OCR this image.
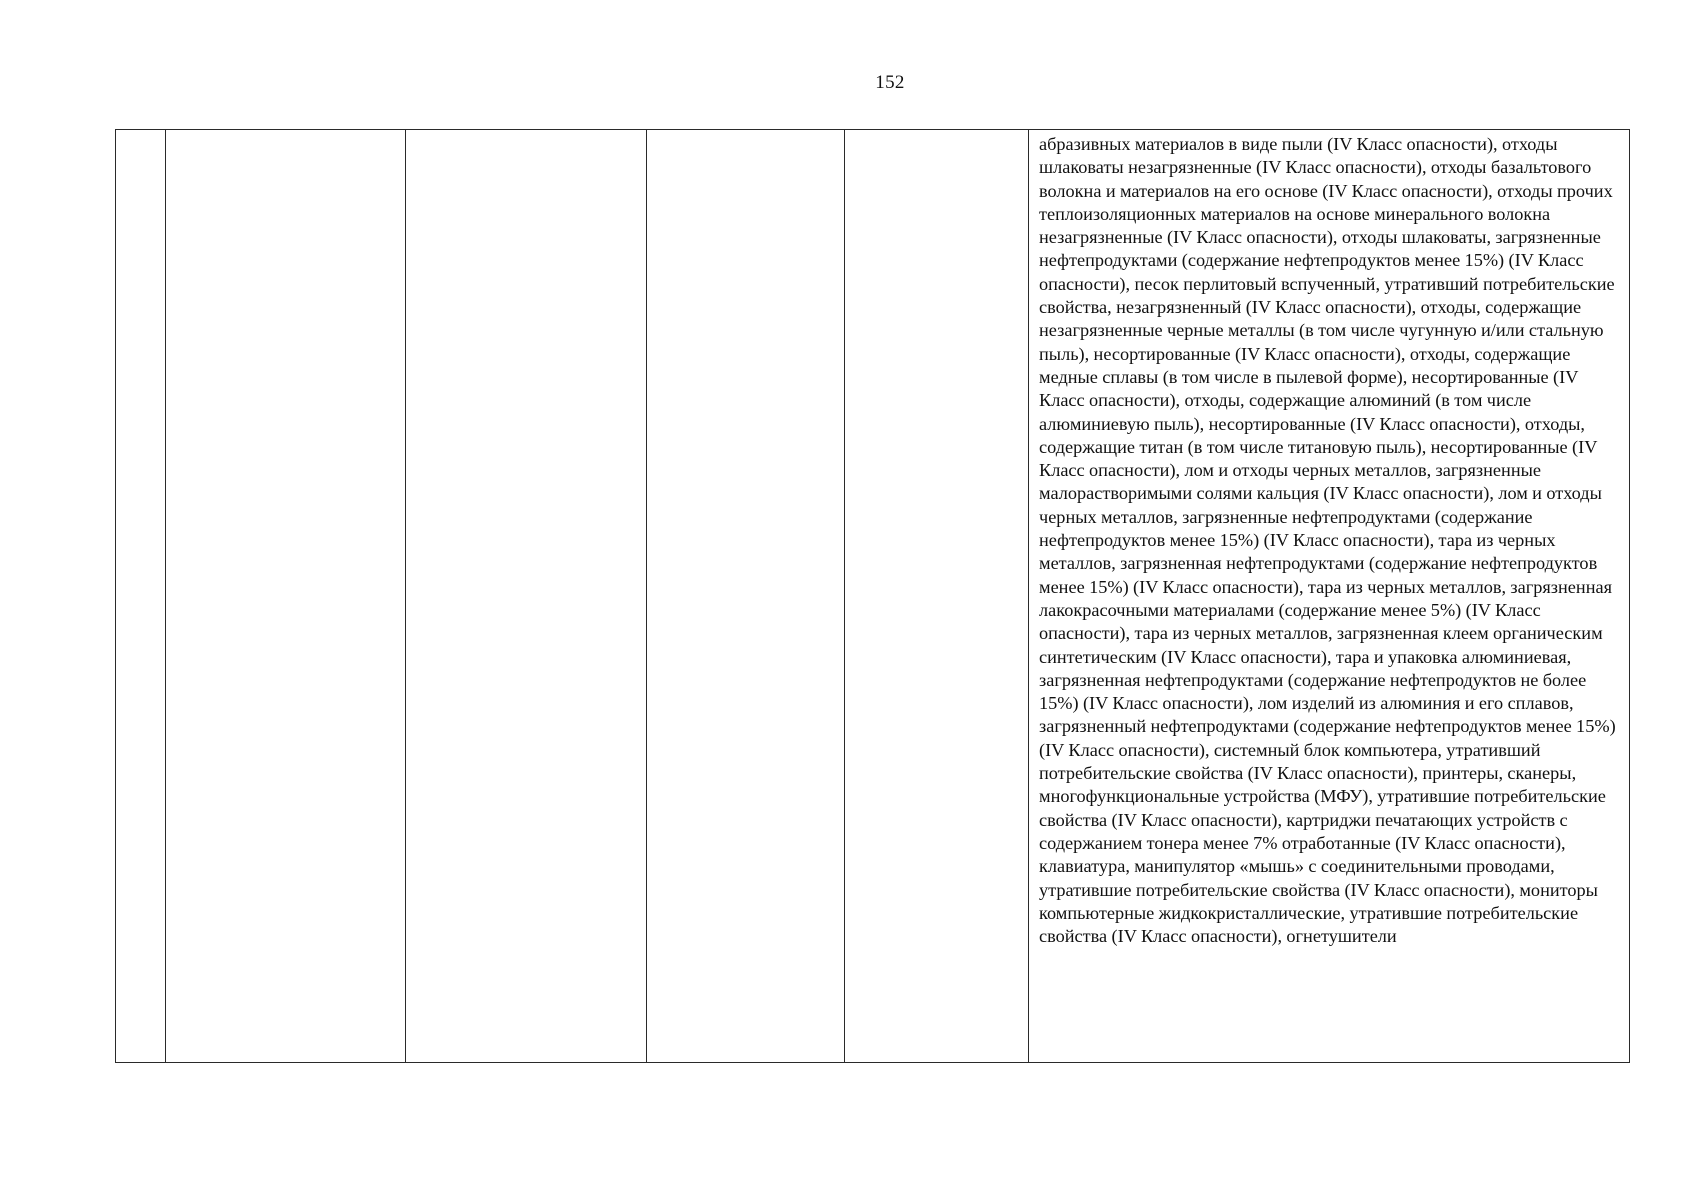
152

абразивных материалов в виде пыли (IV Класс опасности), отходы шлаковаты незагрязненные (IV Класс опасности), отходы базальтового волокна и материалов на его основе (IV Класс опасности), отходы прочих теплоизоляционных материалов на основе минерального волокна незагрязненные (IV Класс опасности), отходы шлаковаты, загрязненные нефтепродуктами (содержание нефтепродуктов менее 15%) (IV Класс опасности), песок перлитовый вспученный, утративший потребительские свойства, незагрязненный (IV Класс опасности), отходы, содержащие незагрязненные черные металлы (в том числе чугунную и/или стальную пыль), несортированные (IV Класс опасности), отходы, содержащие медные сплавы (в том числе в пылевой форме), несортированные (IV Класс опасности), отходы, содержащие алюминий (в том числе алюминиевую пыль), несортированные (IV Класс опасности), отходы, содержащие титан (в том числе титановую пыль), несортированные (IV Класс опасности), лом и отходы черных металлов, загрязненные малорастворимыми солями кальция (IV Класс опасности), лом и отходы черных металлов, загрязненные нефтепродуктами (содержание нефтепродуктов менее 15%) (IV Класс опасности), тара из черных металлов, загрязненная нефтепродуктами (содержание нефтепродуктов менее 15%) (IV Класс опасности), тара из черных металлов, загрязненная лакокрасочными материалами (содержание менее 5%) (IV Класс опасности), тара из черных металлов, загрязненная клеем органическим синтетическим (IV Класс опасности), тара и упаковка алюминиевая, загрязненная нефтепродуктами (содержание нефтепродуктов не более 15%) (IV Класс опасности), лом изделий из алюминия и его сплавов, загрязненный нефтепродуктами (содержание нефтепродуктов менее 15%) (IV Класс опасности), системный блок компьютера, утративший потребительские свойства (IV Класс опасности), принтеры, сканеры, многофункциональные устройства (МФУ), утратившие потребительские свойства (IV Класс опасности), картриджи печатающих устройств с содержанием тонера менее 7% отработанные (IV Класс опасности), клавиатура, манипулятор «мышь» с соединительными проводами, утратившие потребительские свойства (IV Класс опасности), мониторы компьютерные жидкокристаллические, утратившие потребительские свойства (IV Класс опасности), огнетушители
